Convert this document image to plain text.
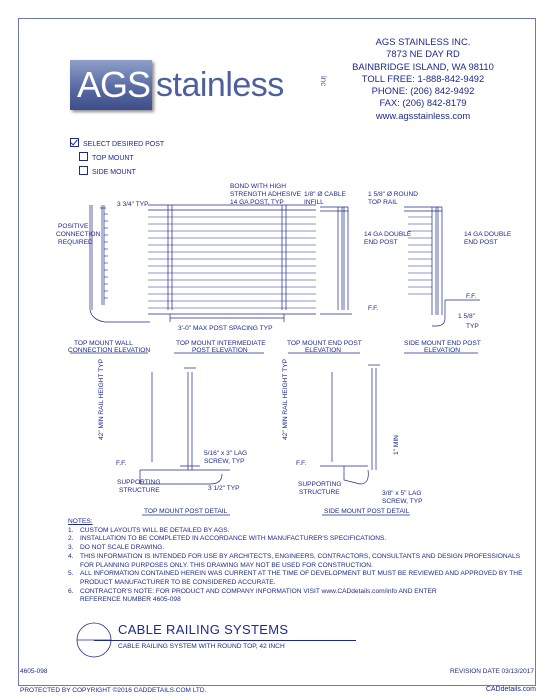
AGS stainless	inc
AGS STAINLESS INC.
7873 NE DAY RD
BAINBRIDGE ISLAND, WA 98110
TOLL FREE: 1-888-842-9492
PHONE: (206) 842-9492
FAX: (206) 842-8179
www.agsstainless.com
SELECT DESIRED POST
TOP MOUNT
SIDE MOUNT
BOND WITH HIGH
STRENGTH ADHESIVE
14 GA POST, TYP
3 3/4" TYP
POSITIVE
CONNECTION
REQUIRED
1/8" Ø CABLE
INFILL
1 5/8" Ø ROUND
TOP RAIL
14 GA DOUBLE
END POST
14 GA DOUBLE
END POST
F.F.
F.F.
3'-0" MAX POST SPACING TYP
1 5/8"
TYP
42" MIN RAIL HEIGHT TYP	42" MIN RAIL HEIGHT TYP
F.F.	F.F.
5/16" x 3" LAG
SCREW, TYP
3 1/2" TYP
SUPPORTING
STRUCTURE
SUPPORTING
STRUCTURE
1" MIN
3/8" x 5" LAG
SCREW, TYP
TOP MOUNT WALL
CONNECTION ELEVATION
TOP MOUNT INTERMEDIATE
POST ELEVATION
TOP MOUNT END POST
ELEVATION
SIDE MOUNT END POST
ELEVATION
TOP MOUNT POST DETAIL	SIDE MOUNT POST DETAIL
NOTES:
1. CUSTOM LAYOUTS WILL BE DETAILED BY AGS.
2. INSTALLATION TO BE COMPLETED IN ACCORDANCE WITH MANUFACTURER'S SPECIFICATIONS.
3. DO NOT SCALE DRAWING.
4. THIS INFORMATION IS INTENDED FOR USE BY ARCHITECTS, ENGINEERS, CONTRACTORS, CONSULTANTS AND DESIGN PROFESSIONALS
FOR PLANNING PURPOSES ONLY. THIS DRAWING MAY NOT BE USED FOR CONSTRUCTION.
5. ALL INFORMATION CONTAINED HEREIN WAS CURRENT AT THE TIME OF DEVELOPMENT BUT MUST BE REVIEWED AND APPROVED BY THE
PRODUCT MANUFACTURER TO BE CONSIDERED ACCURATE.
6. CONTRACTOR'S NOTE: FOR PRODUCT AND COMPANY INFORMATION VISIT www.CADdetails.com/info AND ENTER
REFERENCE NUMBER 4605-098
CABLE RAILING SYSTEMS
CABLE RAILING SYSTEM WITH ROUND TOP, 42 INCH
4605-098	REVISION DATE 03/13/2017
PROTECTED BY COPYRIGHT ©2016 CADDETAILS.COM LTD.	CADdetails.com
